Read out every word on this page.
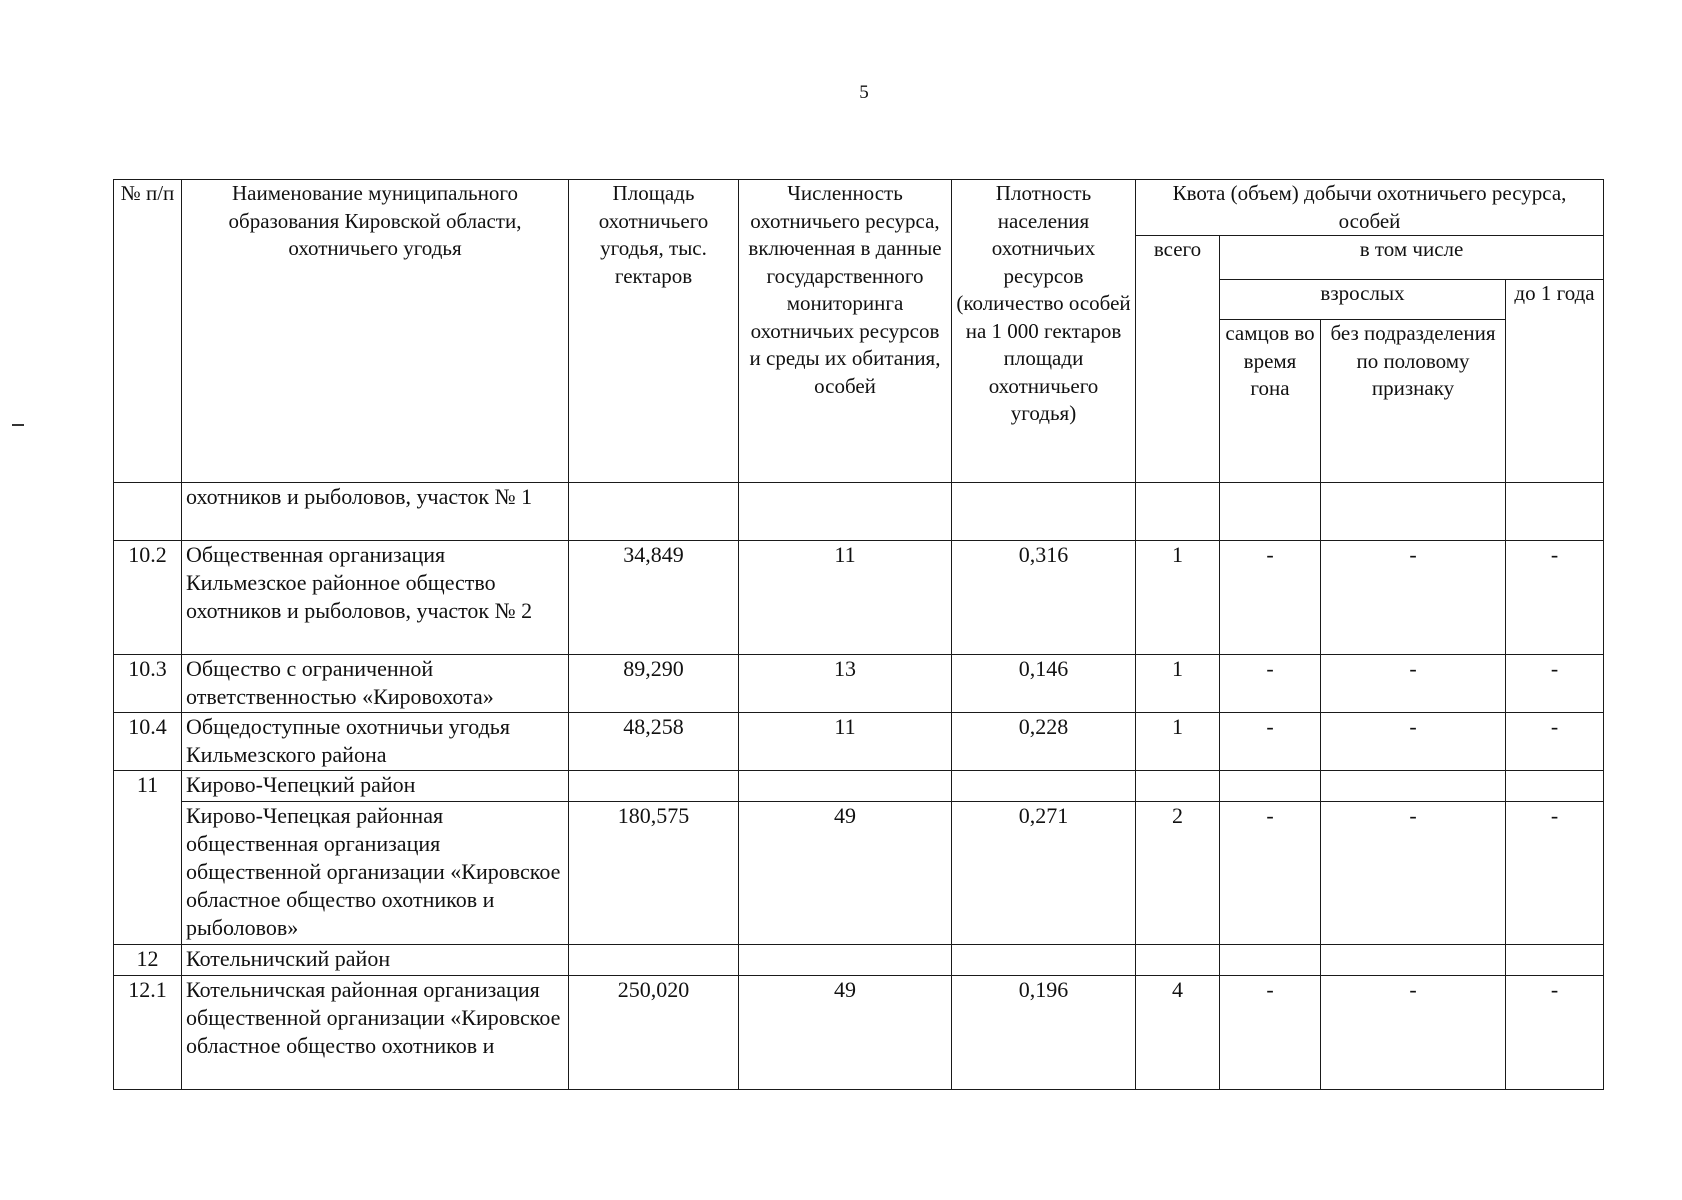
5
№ п/п	Наименование муниципального образования Кировской области, охотничьего угодья	Площадь охотничьего угодья, тыс. гектаров	Численность охотничьего ресурса, включенная в данные государственного мониторинга охотничьих ресурсов и среды их обитания, особей	Плотность населения охотничьих ресурсов (количество особей на 1 000 гектаров площади охотничьего угодья)	Квота (объем) добычи охотничьего ресурса, особей			
					всего	в том числе		
						взрослых		до 1 года
						самцов во время гона	без подразделения по половому признаку	
	охотников и рыболовов, участок № 1							
10.2	Общественная организация Кильмезское районное общество охотников и рыболовов, участок № 2	34,849	11	0,316	1	-	-	-
10.3	Общество с ограниченной ответственностью «Кировохота»	89,290	13	0,146	1	-	-	-
10.4	Общедоступные охотничьи угодья Кильмезского района	48,258	11	0,228	1	-	-	-
11	Кирово-Чепецкий район							
	Кирово-Чепецкая районная общественная организация общественной организации «Кировское областное общество охотников и рыболовов»	180,575	49	0,271	2	-	-	-
12	Котельничский район							
12.1	Котельничская районная организация общественной организации «Кировское областное общество охотников и	250,020	49	0,196	4	-	-	-
